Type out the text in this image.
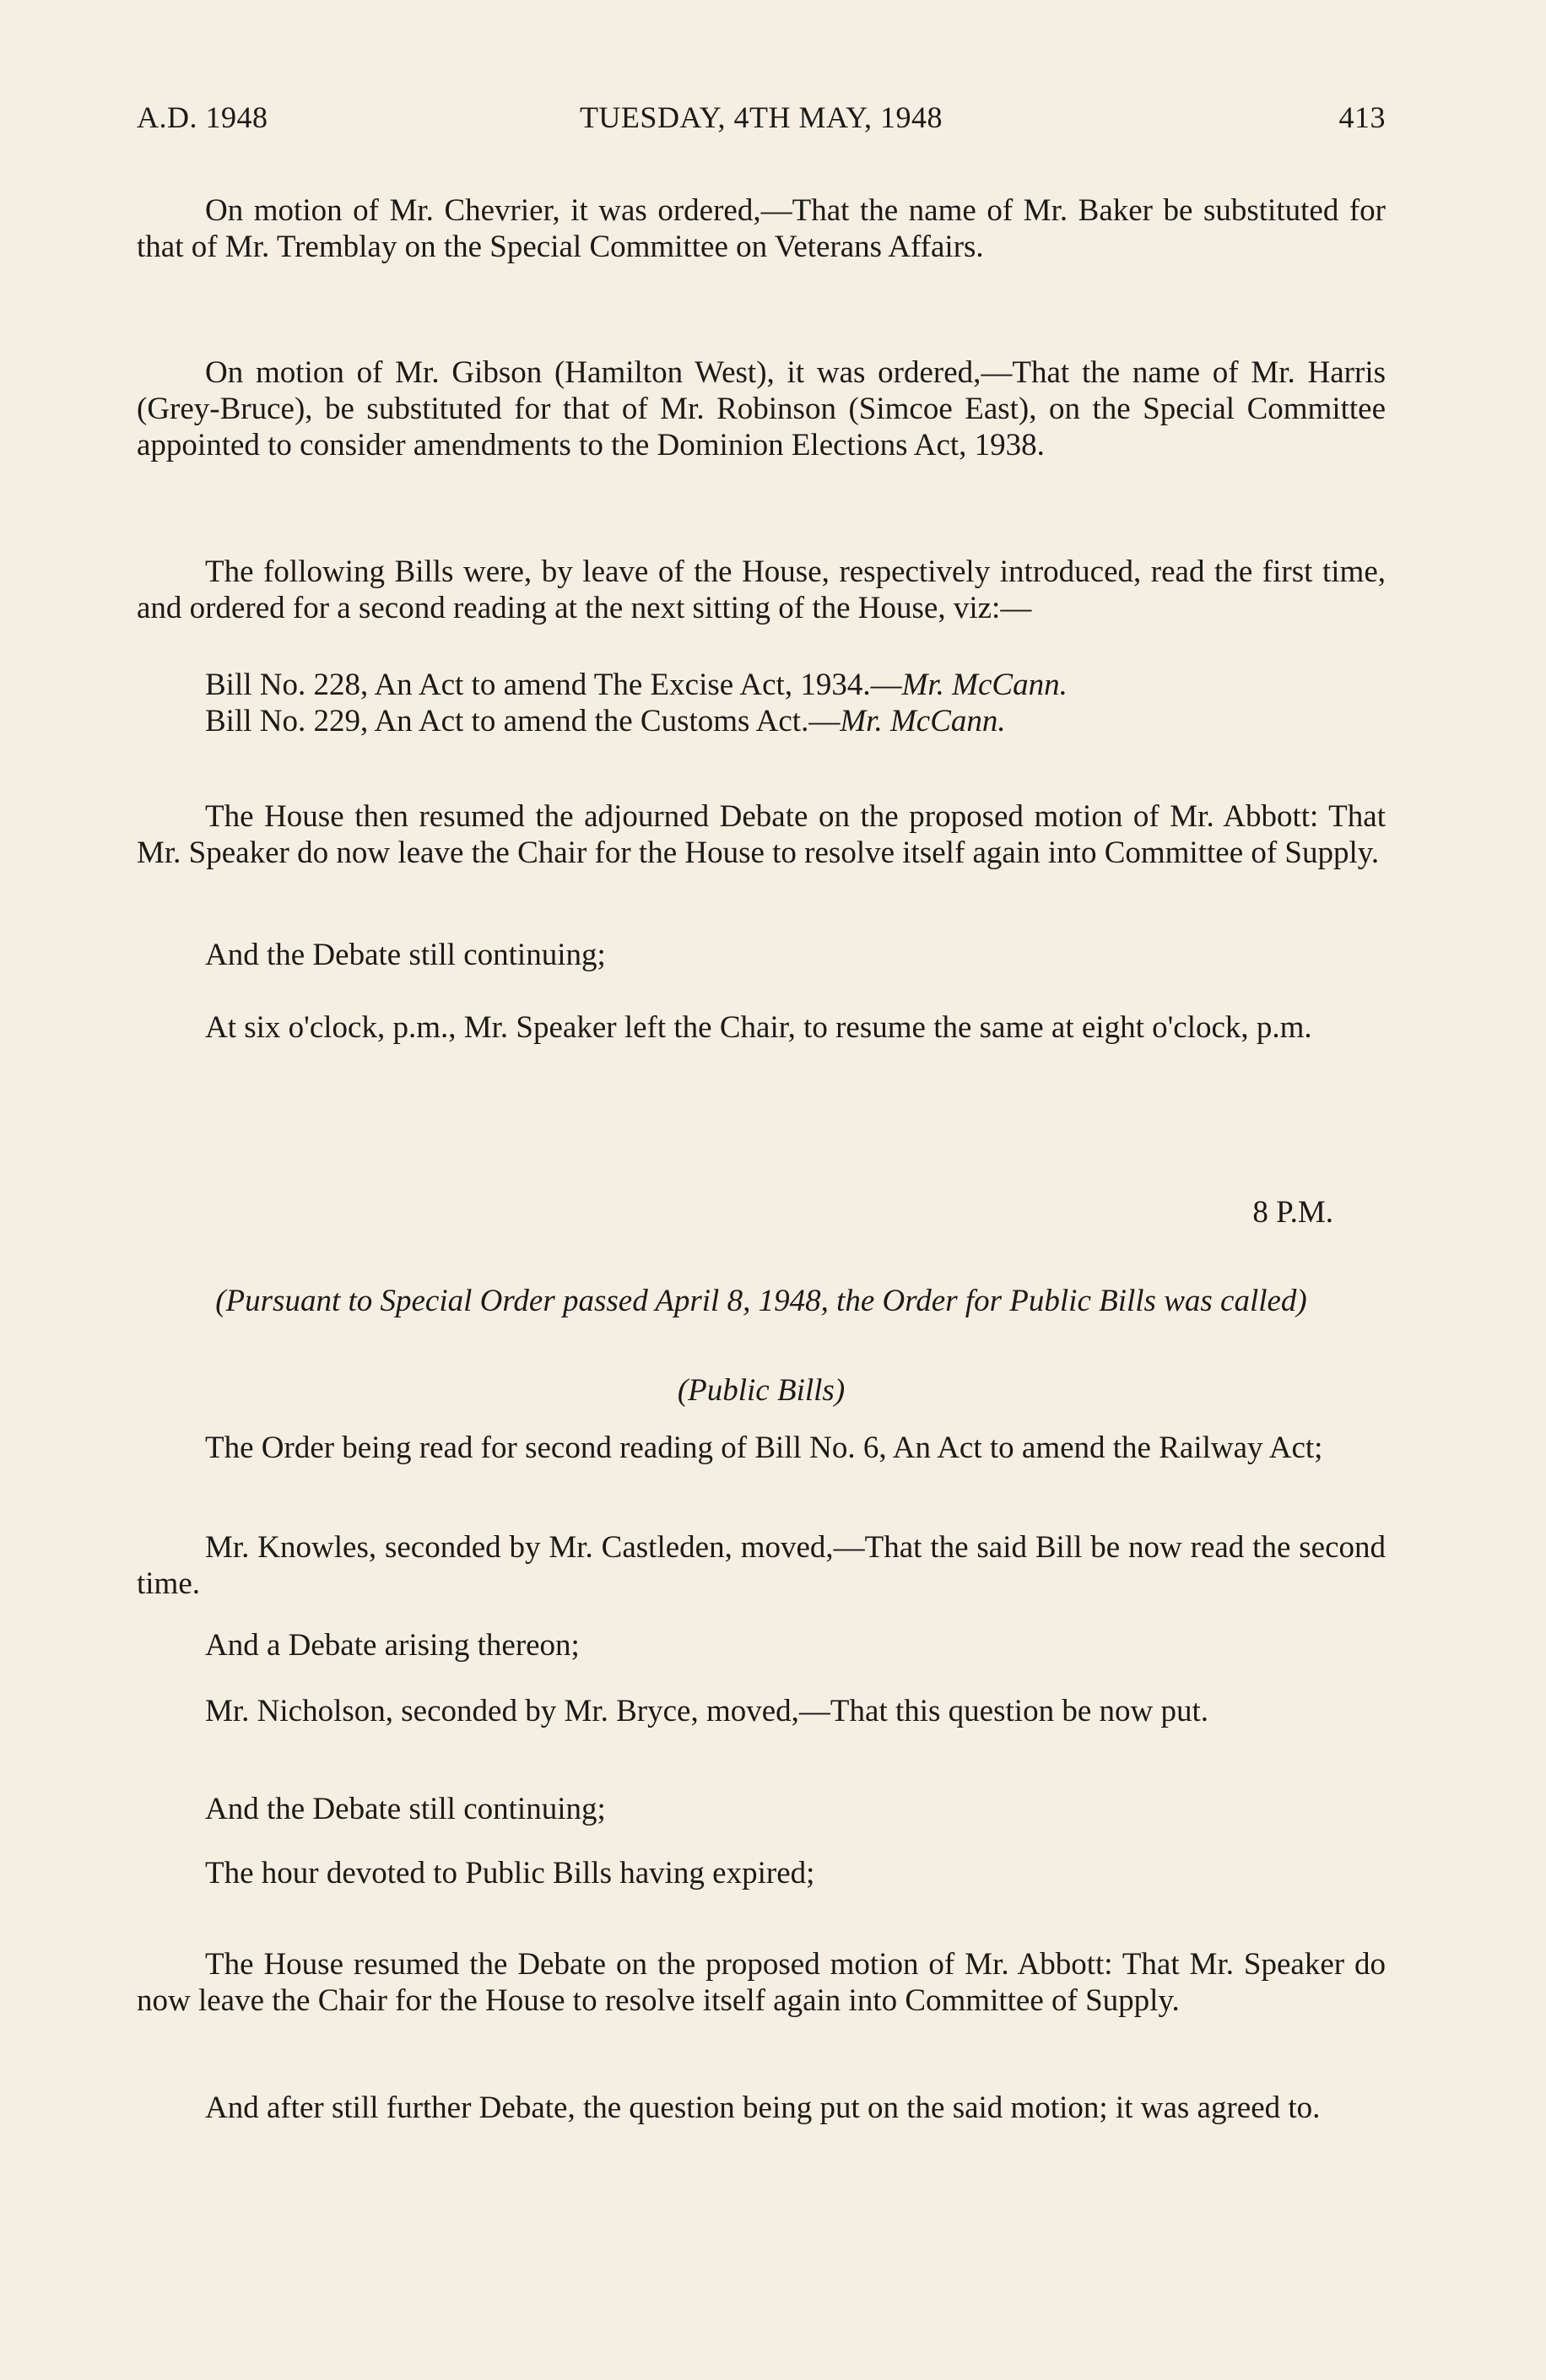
A.D. 1948	TUESDAY, 4TH MAY, 1948	413
On motion of Mr. Chevrier, it was ordered,—That the name of Mr. Baker be substituted for that of Mr. Tremblay on the Special Committee on Veterans Affairs.
On motion of Mr. Gibson (Hamilton West), it was ordered,—That the name of Mr. Harris (Grey-Bruce), be substituted for that of Mr. Robinson (Simcoe East), on the Special Committee appointed to consider amendments to the Dominion Elections Act, 1938.
The following Bills were, by leave of the House, respectively introduced, read the first time, and ordered for a second reading at the next sitting of the House, viz:—
Bill No. 228, An Act to amend The Excise Act, 1934.—Mr. McCann.
Bill No. 229, An Act to amend the Customs Act.—Mr. McCann.
The House then resumed the adjourned Debate on the proposed motion of Mr. Abbott: That Mr. Speaker do now leave the Chair for the House to resolve itself again into Committee of Supply.
And the Debate still continuing;
At six o'clock, p.m., Mr. Speaker left the Chair, to resume the same at eight o'clock, p.m.
8 P.M.
(Pursuant to Special Order passed April 8, 1948, the Order for Public Bills was called)
(Public Bills)
The Order being read for second reading of Bill No. 6, An Act to amend the Railway Act;
Mr. Knowles, seconded by Mr. Castleden, moved,—That the said Bill be now read the second time.
And a Debate arising thereon;
Mr. Nicholson, seconded by Mr. Bryce, moved,—That this question be now put.
And the Debate still continuing;
The hour devoted to Public Bills having expired;
The House resumed the Debate on the proposed motion of Mr. Abbott: That Mr. Speaker do now leave the Chair for the House to resolve itself again into Committee of Supply.
And after still further Debate, the question being put on the said motion; it was agreed to.
